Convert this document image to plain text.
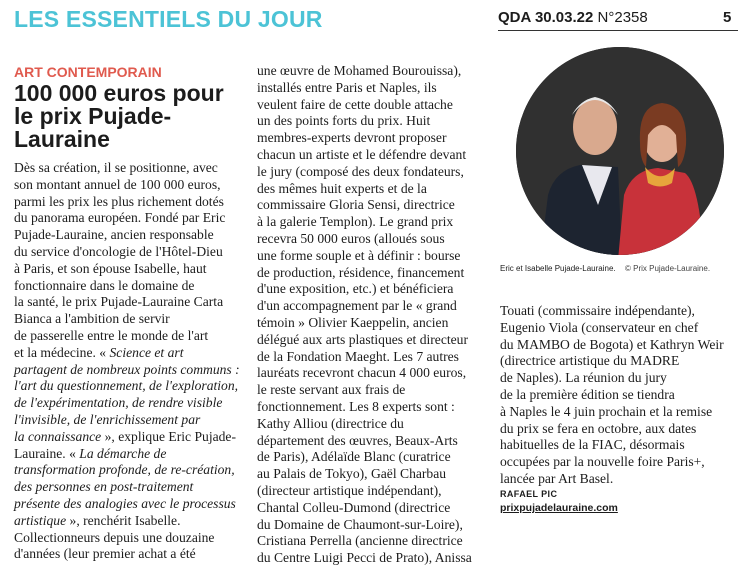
LES ESSENTIELS DU JOUR	QDA 30.03.22 N°2358	5
ART CONTEMPORAIN
100 000 euros pour le prix Pujade-Lauraine
Dès sa création, il se positionne, avec
son montant annuel de 100 000 euros,
parmi les prix les plus richement dotés
du panorama européen. Fondé par Eric
Pujade-Lauraine, ancien responsable
du service d'oncologie de l'Hôtel-Dieu
à Paris, et son épouse Isabelle, haut
fonctionnaire dans le domaine de
la santé, le prix Pujade-Lauraine Carta
Bianca a l'ambition de servir
de passerelle entre le monde de l'art
et la médecine. « Science et art
partagent de nombreux points communs :
l'art du questionnement, de l'exploration,
de l'expérimentation, de rendre visible
l'invisible, de l'enrichissement par
la connaissance », explique Eric Pujade-
Lauraine. « La démarche de
transformation profonde, de re-création,
des personnes en post-traitement
présente des analogies avec le processus
artistique », renchérit Isabelle.
Collectionneurs depuis une douzaine
d'années (leur premier achat a été
une œuvre de Mohamed Bourouissa),
installés entre Paris et Naples, ils
veulent faire de cette double attache
un des points forts du prix. Huit
membres-experts devront proposer
chacun un artiste et le défendre devant
le jury (composé des deux fondateurs,
des mêmes huit experts et de la
commissaire Gloria Sensi, directrice
à la galerie Templon). Le grand prix
recevra 50 000 euros (alloués sous
une forme souple et à définir : bourse
de production, résidence, financement
d'une exposition, etc.) et bénéficiera
d'un accompagnement par le « grand
témoin » Olivier Kaeppelin, ancien
délégué aux arts plastiques et directeur
de la Fondation Maeght. Les 7 autres
lauréats recevront chacun 4 000 euros,
le reste servant aux frais de
fonctionnement. Les 8 experts sont :
Kathy Alliou (directrice du
département des œuvres, Beaux-Arts
de Paris), Adélaïde Blanc (curatrice
au Palais de Tokyo), Gaël Charbau
(directeur artistique indépendant),
Chantal Colleu-Dumond (directrice
du Domaine de Chaumont-sur-Loire),
Cristiana Perrella (ancienne directrice
du Centre Luigi Pecci de Prato), Anissa
Touati (commissaire indépendante),
Eugenio Viola (conservateur en chef
du MAMBO de Bogota) et Kathryn Weir
(directrice artistique du MADRE
de Naples). La réunion du jury
de la première édition se tiendra
à Naples le 4 juin prochain et la remise
du prix se fera en octobre, aux dates
habituelles de la FIAC, désormais
occupées par la nouvelle foire Paris+,
lancée par Art Basel.
Eric et Isabelle Pujade-Lauraine. © Prix Pujade-Lauraine.
RAFAEL PIC
prixpujadelauraine.com
